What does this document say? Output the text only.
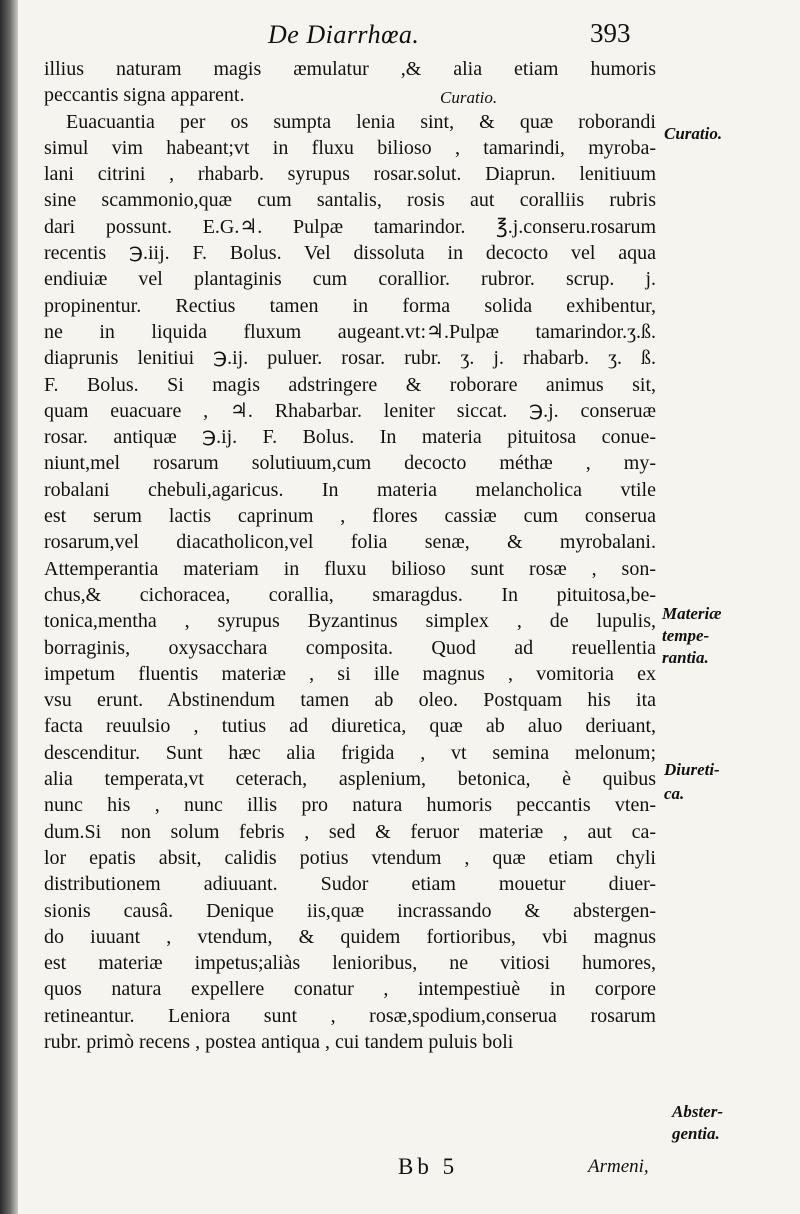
De Diarrhœa.	393
Curatio.
illius naturam magis æmulatur ,& alia etiam humoris
peccantis signa apparent.
Euacuantia per os sumpta lenia sint, & quæ roborandi
simul vim habeant;vt in fluxu bilioso , tamarindi, myroba-
lani citrini , rhabarb. syrupus rosar.solut. Diaprun. lenitiuum
sine scammonio,quæ cum santalis, rosis aut coralliis rubris
dari possunt. E.G.♃. Pulpæ tamarindor. ℥.j.conseru.rosarum
recentis ℈.iij. F. Bolus. Vel dissoluta in decocto vel aqua
endiuiæ vel plantaginis cum corallior. rubror. scrup. j.
propinentur. Rectius tamen in forma solida exhibentur,
ne in liquida fluxum augeant.vt:♃.Pulpæ tamarindor.ʒ.ß.
diaprunis lenitiui ℈.ij. puluer. rosar. rubr. ʒ. j. rhabarb. ʒ. ß.
F. Bolus. Si magis adstringere & roborare animus sit,
quam euacuare , ♃. Rhabarbar. leniter siccat. ℈.j. conseruæ
rosar. antiquæ ℈.ij. F. Bolus. In materia pituitosa conue-
niunt,mel rosarum solutiuum,cum decocto méthæ , my-
robalani chebuli,agaricus. In materia melancholica vtile
est serum lactis caprinum , flores cassiæ cum conserua
rosarum,vel diacatholicon,vel folia senæ, & myrobalani.
Attemperantia materiam in fluxu bilioso sunt rosæ , son-
chus,& cichoracea, corallia, smaragdus. In pituitosa,be-
tonica,mentha , syrupus Byzantinus simplex , de lupulis,
borraginis, oxysacchara composita. Quod ad reuellentia
impetum fluentis materiæ , si ille magnus , vomitoria ex
vsu erunt. Abstinendum tamen ab oleo. Postquam his ita
facta reuulsio , tutius ad diuretica, quæ ab aluo deriuant,
descenditur. Sunt hæc alia frigida , vt semina melonum;
alia temperata,vt ceterach, asplenium, betonica, è quibus
nunc his , nunc illis pro natura humoris peccantis vten-
dum.Si non solum febris , sed & feruor materiæ , aut ca-
lor epatis absit, calidis potius vtendum , quæ etiam chyli
distributionem adiuuant. Sudor etiam mouetur diuer-
sionis causâ. Denique iis,quæ incrassando & abstergen-
do iuuant , vtendum, & quidem fortioribus, vbi magnus
est materiæ impetus;aliàs lenioribus, ne vitiosi humores,
quos natura expellere conatur , intempestiuè in corpore
retineantur. Leniora sunt , rosæ,spodium,conserua rosarum
rubr. primò recens , postea antiqua , cui tandem puluis boli
Curatio.
Materiæ
tempe-
rantia.
Diureti-
ca.
Abster-
gentia.
Bb 5	Armeni,
